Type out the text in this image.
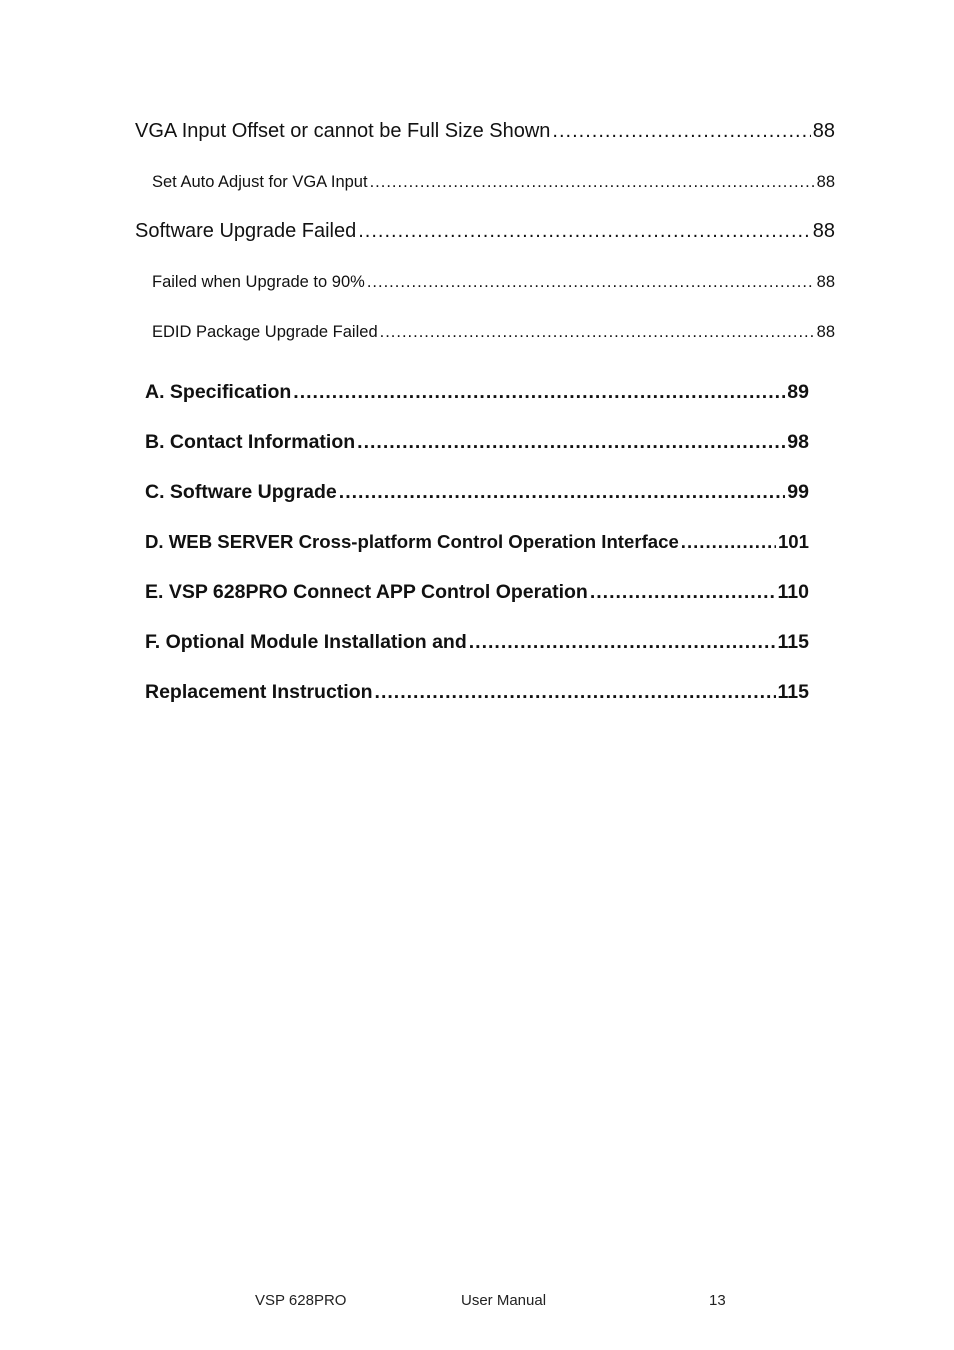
VGA Input Offset or cannot be Full Size Shown .....	88
Set Auto Adjust for VGA Input .....	88
Software Upgrade Failed .....	88
Failed when Upgrade to 90% .....	88
EDID Package Upgrade Failed .....	88
A. Specification .....	89
B. Contact Information .....	98
C. Software Upgrade .....	99
D. WEB SERVER Cross-platform Control Operation Interface .....	101
E. VSP 628PRO Connect APP Control Operation .....	110
F. Optional Module Installation and .....	115
Replacement Instruction .....	115
VSP 628PRO	User Manual	13
